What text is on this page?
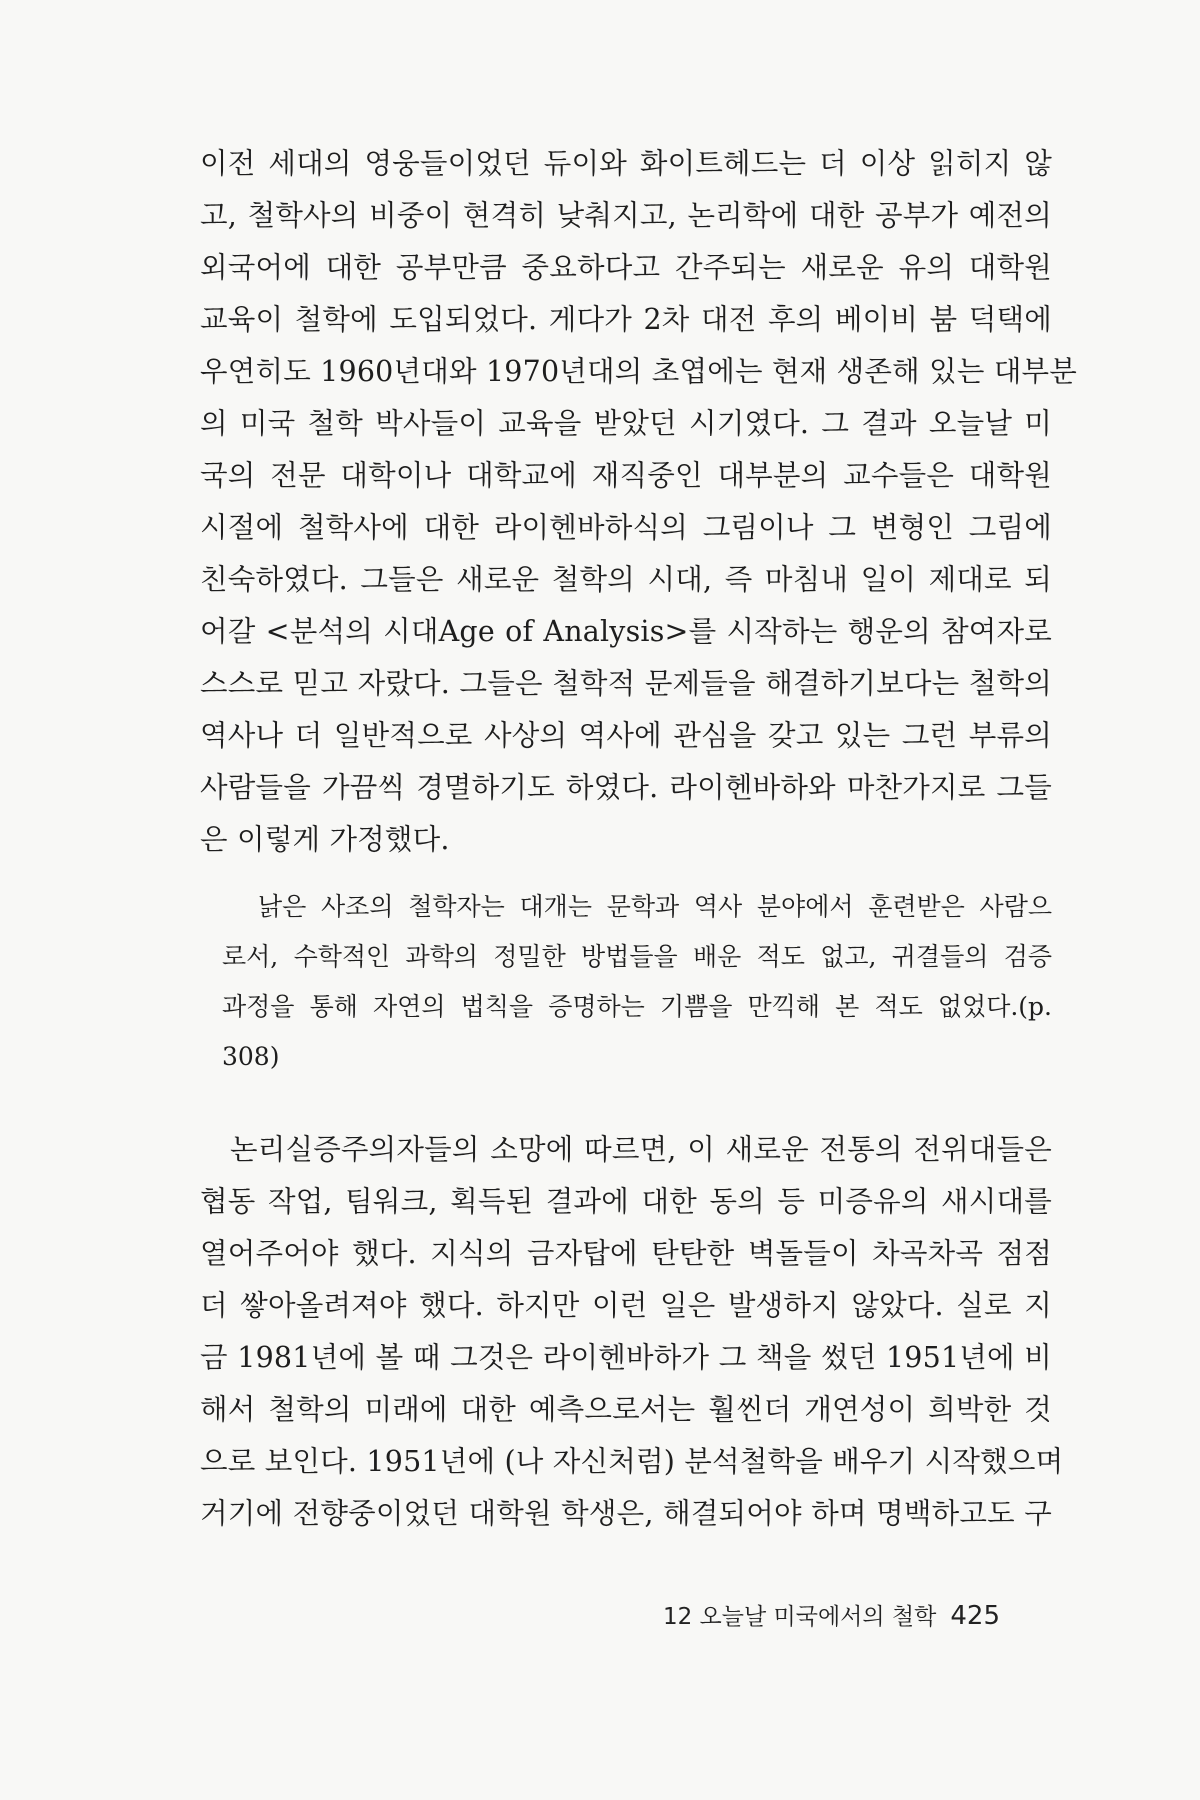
이전 세대의 영웅들이었던 듀이와 화이트헤드는 더 이상 읽히지 않
고, 철학사의 비중이 현격히 낮춰지고, 논리학에 대한 공부가 예전의
외국어에 대한 공부만큼 중요하다고 간주되는 새로운 유의 대학원
교육이 철학에 도입되었다. 게다가 2차 대전 후의 베이비 붐 덕택에
우연히도 1960년대와 1970년대의 초엽에는 현재 생존해 있는 대부분
의 미국 철학 박사들이 교육을 받았던 시기였다. 그 결과 오늘날 미
국의 전문 대학이나 대학교에 재직중인 대부분의 교수들은 대학원
시절에 철학사에 대한 라이헨바하식의 그림이나 그 변형인 그림에
친숙하였다. 그들은 새로운 철학의 시대, 즉 마침내 일이 제대로 되
어갈 <분석의 시대Age of Analysis>를 시작하는 행운의 참여자로
스스로 믿고 자랐다. 그들은 철학적 문제들을 해결하기보다는 철학의
역사나 더 일반적으로 사상의 역사에 관심을 갖고 있는 그런 부류의
사람들을 가끔씩 경멸하기도 하였다. 라이헨바하와 마찬가지로 그들
은 이렇게 가정했다.
낡은 사조의 철학자는 대개는 문학과 역사 분야에서 훈련받은 사람으
로서, 수학적인 과학의 정밀한 방법들을 배운 적도 없고, 귀결들의 검증
과정을 통해 자연의 법칙을 증명하는 기쁨을 만끽해 본 적도 없었다.(p.
308)
논리실증주의자들의 소망에 따르면, 이 새로운 전통의 전위대들은
협동 작업, 팀워크, 획득된 결과에 대한 동의 등 미증유의 새시대를
열어주어야 했다. 지식의 금자탑에 탄탄한 벽돌들이 차곡차곡 점점
더 쌓아올려져야 했다. 하지만 이런 일은 발생하지 않았다. 실로 지
금 1981년에 볼 때 그것은 라이헨바하가 그 책을 썼던 1951년에 비
해서 철학의 미래에 대한 예측으로서는 훨씬더 개연성이 희박한 것
으로 보인다. 1951년에 (나 자신처럼) 분석철학을 배우기 시작했으며
거기에 전향중이었던 대학원 학생은, 해결되어야 하며 명백하고도 구
12 오늘날 미국에서의 철학 425
